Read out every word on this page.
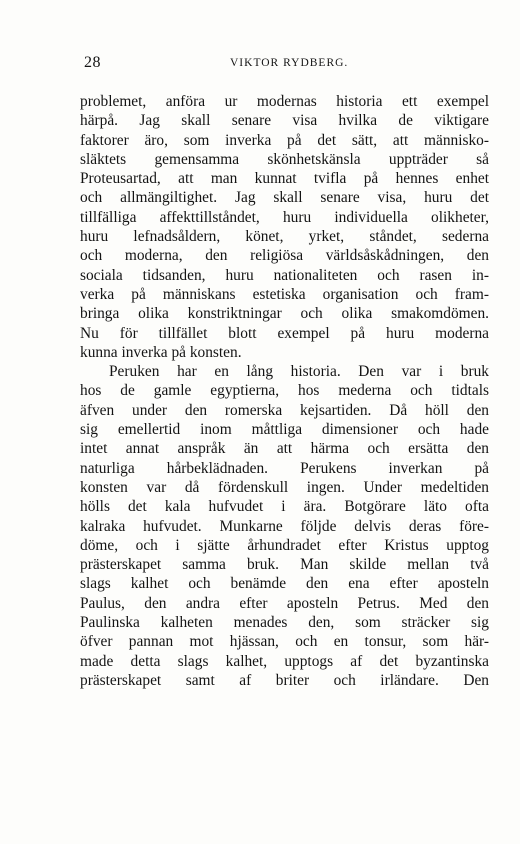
28	VIKTOR RYDBERG.
problemet, anföra ur modernas historia ett exempel
härpå. Jag skall senare visa hvilka de viktigare
faktorer äro, som inverka på det sätt, att människo-
släktets gemensamma skönhetskänsla uppträder så
Proteusartad, att man kunnat tvifla på hennes enhet
och allmängiltighet. Jag skall senare visa, huru det
tillfälliga affekttillståndet, huru individuella olikheter,
huru lefnadsåldern, könet, yrket, ståndet, sederna
och moderna, den religiösa världsåskådningen, den
sociala tidsanden, huru nationaliteten och rasen in-
verka på människans estetiska organisation och fram-
bringa olika konstriktningar och olika smakomdömen.
Nu för tillfället blott exempel på huru moderna
kunna inverka på konsten.
Peruken har en lång historia. Den var i bruk
hos de gamle egyptierna, hos mederna och tidtals
äfven under den romerska kejsartiden. Då höll den
sig emellertid inom måttliga dimensioner och hade
intet annat anspråk än att härma och ersätta den
naturliga hårbeklädnaden. Perukens inverkan på
konsten var då fördenskull ingen. Under medeltiden
hölls det kala hufvudet i ära. Botgörare läto ofta
kalraka hufvudet. Munkarne följde delvis deras före-
döme, och i sjätte århundradet efter Kristus upptog
prästerskapet samma bruk. Man skilde mellan två
slags kalhet och benämde den ena efter aposteln
Paulus, den andra efter aposteln Petrus. Med den
Paulinska kalheten menades den, som sträcker sig
öfver pannan mot hjässan, och en tonsur, som här-
made detta slags kalhet, upptogs af det byzantinska
prästerskapet samt af briter och irländare. Den
